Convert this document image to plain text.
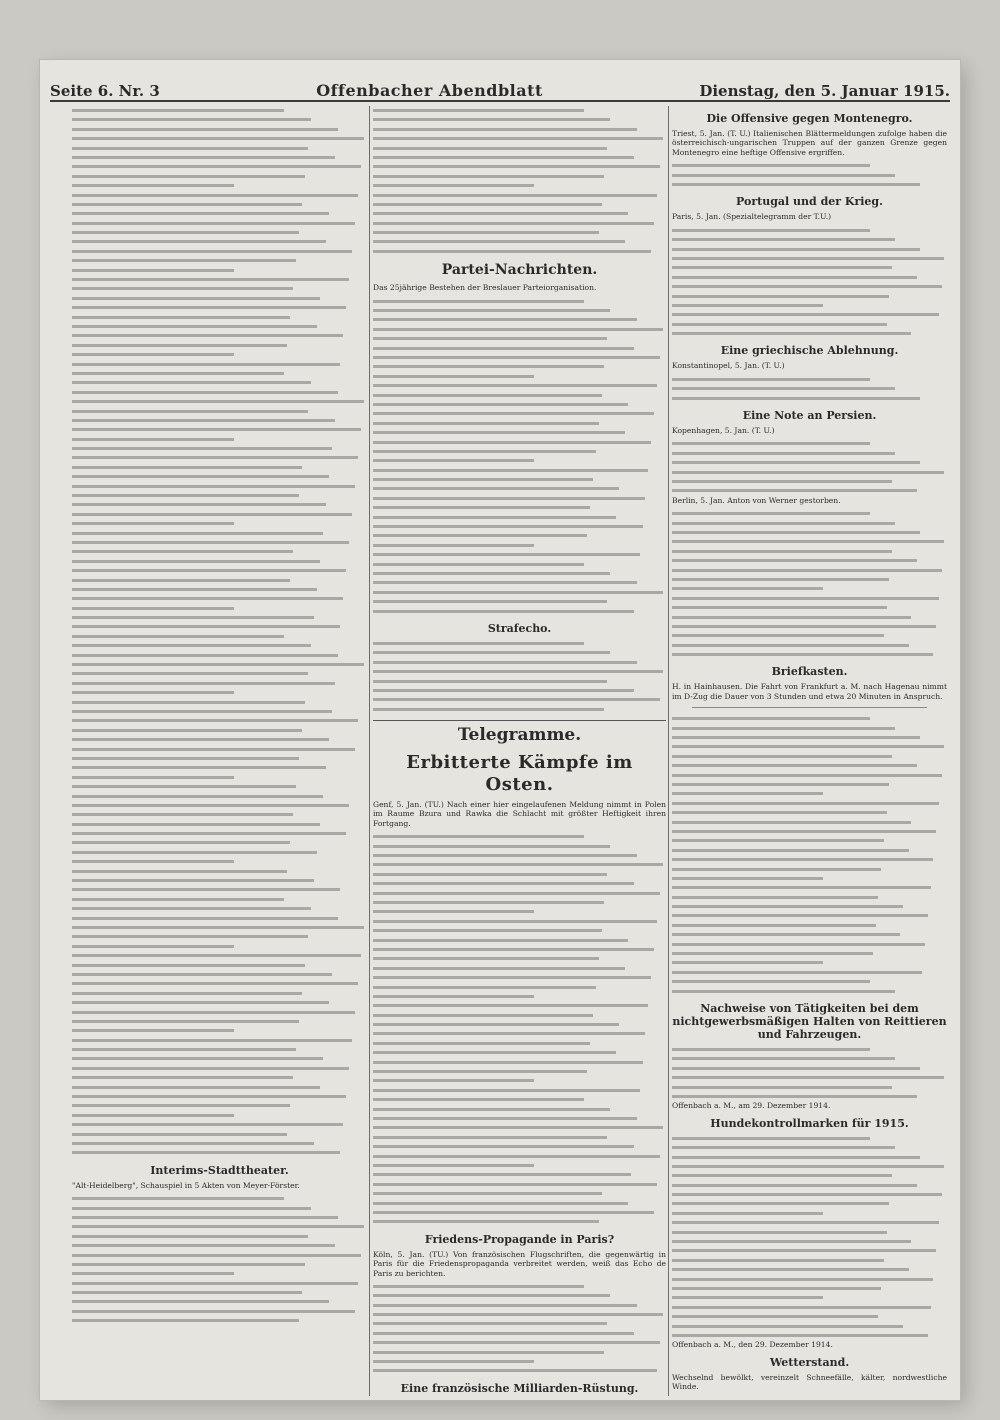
Seite 6. Nr. 3	Offenbacher Abendblatt	Dienstag, den 5. Januar 1915.
Interims-Stadttheater.

"Alt-Heidelberg", Schauspiel in 5 Akten von Meyer-Förster.

Partei-Nachrichten.

Das 25jährige Bestehen der Breslauer Parteiorganisation.

Strafecho.
Telegramme.
Erbitterte Kämpfe im Osten.

Genf, 5. Jan. (TU.) Nach einer hier eingelaufenen Meldung nimmt in Polen im Raume Bzura und Rawka die Schlacht mit größter Heftigkeit ihren Fortgang.

Friedens-Propagande in Paris?

Köln, 5. Jan. (TU.) Von französischen Flugschriften, die gegenwärtig in Paris für die Friedenspropaganda verbreitet werden, weiß das Echo de Paris zu berichten.

Eine französische Milliarden-Rüstung.
Die Offensive gegen Montenegro.

Triest, 5. Jan. (T. U.) Italienischen Blättermeldungen zufolge haben die österreichisch-ungarischen Truppen auf der ganzen Grenze gegen Montenegro eine heftige Offensive ergriffen.

Portugal und der Krieg.

Paris, 5. Jan. (Spezialtelegramm der T.U.)

Eine griechische Ablehnung.

Konstantinopel, 5. Jan. (T. U.)

Eine Note an Persien.

Kopenhagen, 5. Jan. (T. U.)

Berlin, 5. Jan. Anton von Werner gestorben.

Briefkasten.

H. in Hainhausen. Die Fahrt von Frankfurt a. M. nach Hagenau nimmt im D-Zug die Dauer von 3 Stunden und etwa 20 Minuten in Anspruch.

Nachweise von Tätigkeiten bei dem nichtgewerbsmäßigen Halten von Reittieren und Fahrzeugen.

Offenbach a. M., am 29. Dezember 1914.

Hundekontrollmarken für 1915.

Offenbach a. M., den 29. Dezember 1914.

Wetterstand.

Wechselnd bewölkt, vereinzelt Schneefälle, kälter, nordwestliche Winde.
